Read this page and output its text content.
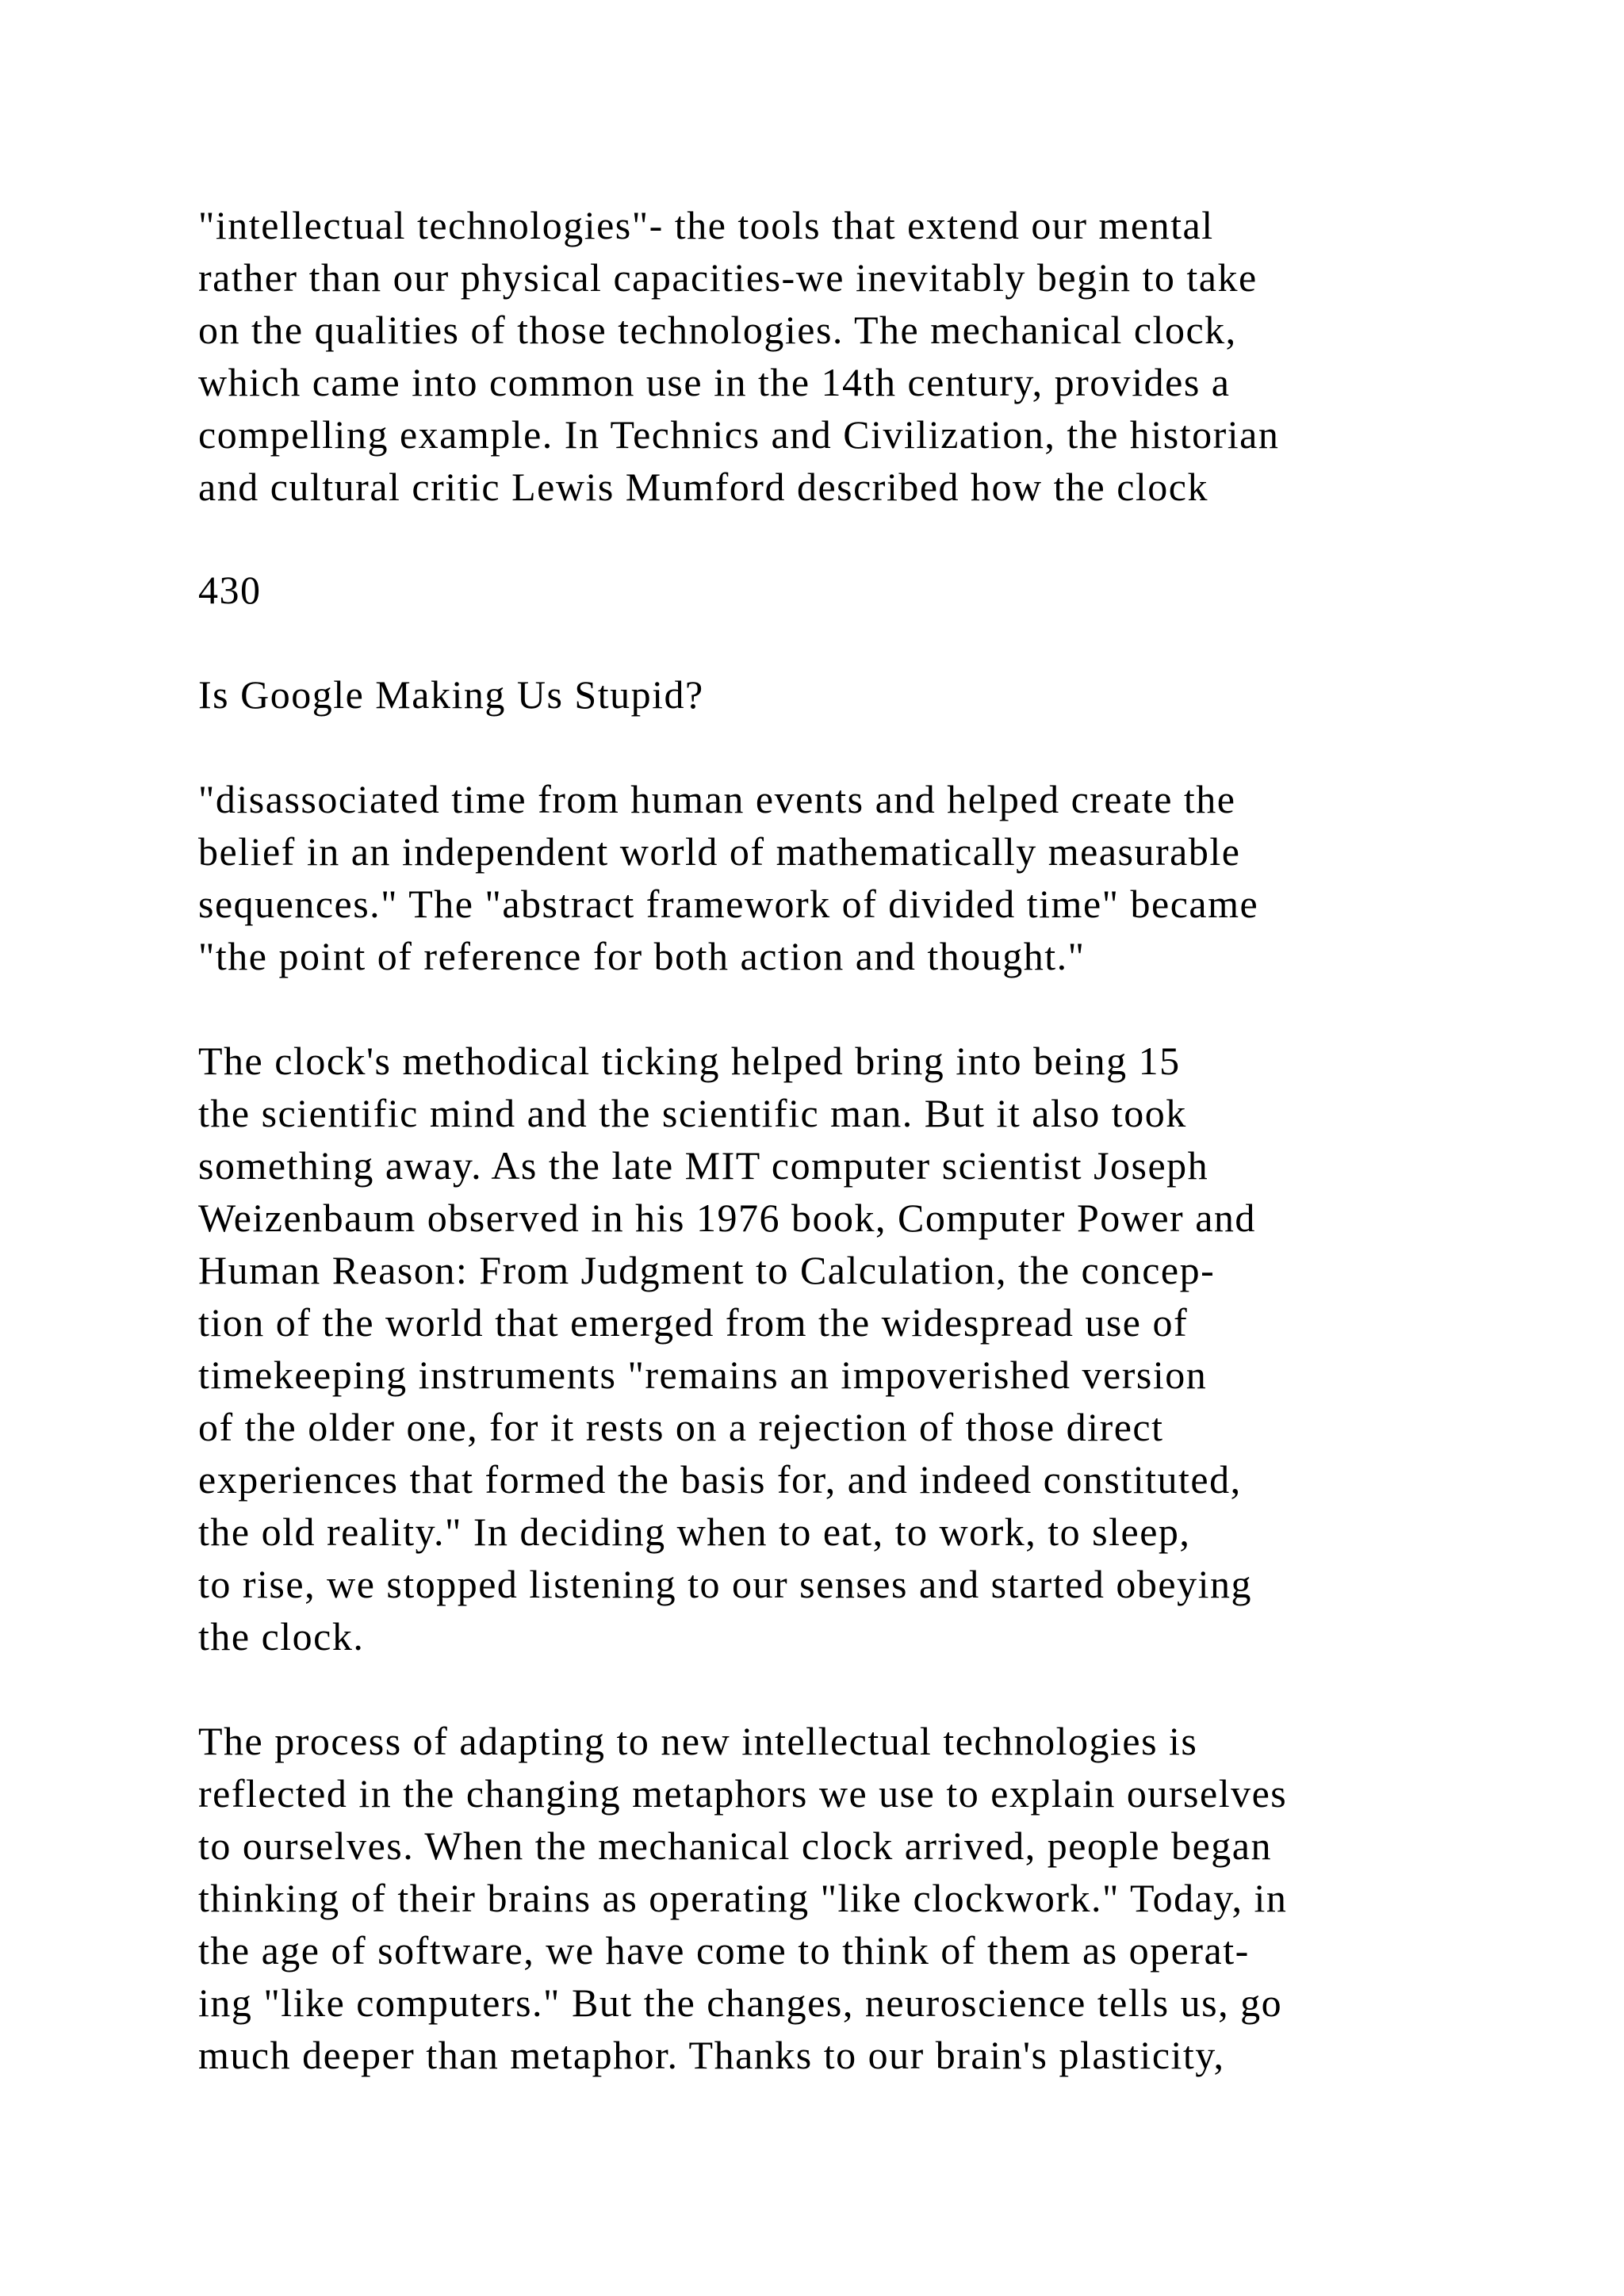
"intellectual technologies"- the tools that extend our mental

rather than our physical capacities-we inevitably begin to take

on the qualities of those technologies. The mechanical clock,

which came into common use in the 14th century, provides a

compelling example. In Technics and Civilization, the historian

and cultural critic Lewis Mumford described how the clock

430

Is Google Making Us Stupid?

"disassociated time from human events and helped create the

belief in an independent world of mathematically measurable

sequences." The "abstract framework of divided time" became

"the point of reference for both action and thought."

The clock's methodical ticking helped bring into being 15

the scientific mind and the scientific man. But it also took

something away. As the late MIT computer scientist Joseph

Weizenbaum observed in his 1976 book, Computer Power and

Human Reason: From Judgment to Calculation, the concep-

tion of the world that emerged from the widespread use of

timekeeping instruments "remains an impoverished version

of the older one, for it rests on a rejection of those direct

experiences that formed the basis for, and indeed constituted,

the old reality." In deciding when to eat, to work, to sleep,

to rise, we stopped listening to our senses and started obeying

the clock.

The process of adapting to new intellectual technologies is

reflected in the changing metaphors we use to explain ourselves

to ourselves. When the mechanical clock arrived, people began

thinking of their brains as operating "like clockwork." Today, in

the age of software, we have come to think of them as operat-

ing "like computers." But the changes, neuroscience tells us, go

much deeper than metaphor. Thanks to our brain's plasticity,
